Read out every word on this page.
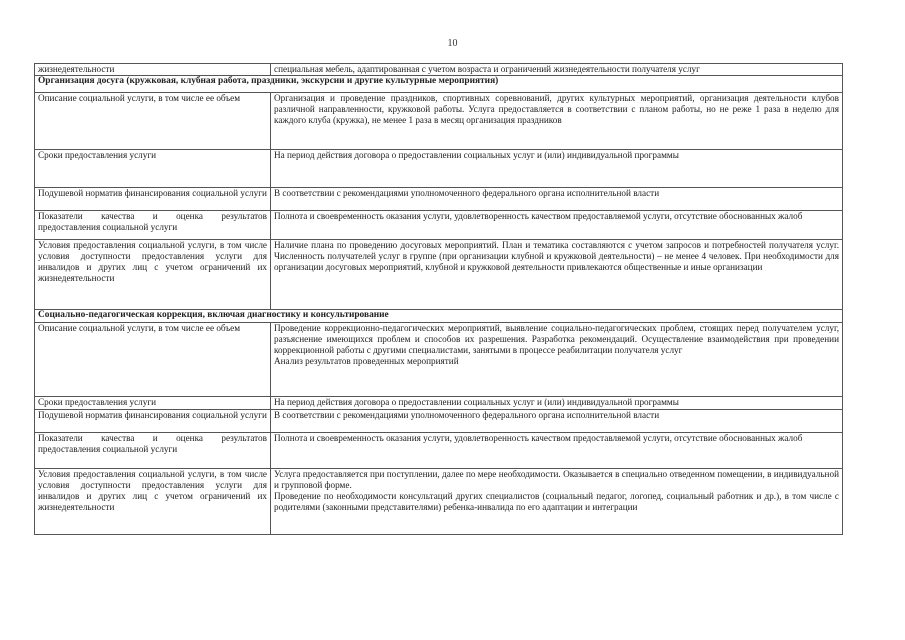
10
жизнедеятельности	специальная мебель, адаптированная с учетом возраста и ограничений жизнедеятельности получателя услуг

Организация досуга (кружковая, клубная работа, праздники, экскурсии и другие культурные мероприятия)	
Описание социальной услуги, в том числе ее объем	Организация и проведение праздников, спортивных соревнований, других культурных мероприятий, организация деятельности клубов различной направленности, кружковой работы. Услуга предоставляется в соответствии с планом работы, но не реже 1 раза в неделю для каждого клуба (кружка), не менее 1 раза в месяц организация праздников

Сроки предоставления услуги	На период действия договора о предоставлении социальных услуг и (или) индивидуальной программы

Подушевой норматив финансирования социальной услуги	В соответствии с рекомендациями уполномоченного федерального органа исполнительной власти

Показатели качества и оценка результатов предоставления социальной услуги	Полнота и своевременность оказания услуги, удовлетворенность качеством предоставляемой услуги, отсутствие обоснованных жалоб

Условия предоставления социальной услуги, в том числе условия доступности предоставления услуги для инвалидов и других лиц с учетом ограничений их жизнедеятельности	Наличие плана по проведению досуговых мероприятий. План и тематика составляются с учетом запросов и потребностей получателя услуг. Численность получателей услуг в группе (при организации клубной и кружковой деятельности) – не менее 4 человек. При необходимости для организации досуговых мероприятий, клубной и кружковой деятельности привлекаются общественные и иные организации

Социально-педагогическая коррекция, включая диагностику и консультирование	
Описание социальной услуги, в том числе ее объем	Проведение коррекционно-педагогических мероприятий, выявление социально-педагогических проблем, стоящих перед получателем услуг, разъяснение имеющихся проблем и способов их разрешения. Разработка рекомендаций. Осуществление взаимодействия при проведении коррекционной работы с другими специалистами, занятыми в процессе реабилитации получателя услуг
Анализ результатов проведенных мероприятий

Сроки предоставления услуги	На период действия договора о предоставлении социальных услуг и (или) индивидуальной программы

Подушевой норматив финансирования социальной услуги	В соответствии с рекомендациями уполномоченного федерального органа исполнительной власти

Показатели качества и оценка результатов предоставления социальной услуги	Полнота и своевременность оказания услуги, удовлетворенность качеством предоставляемой услуги, отсутствие обоснованных жалоб

Условия предоставления социальной услуги, в том числе условия доступности предоставления услуги для инвалидов и других лиц с учетом ограничений их жизнедеятельности	Услуга предоставляется при поступлении, далее по мере необходимости. Оказывается в специально отведенном помещении, в индивидуальной и групповой форме.
Проведение по необходимости консультаций других специалистов (социальный педагог, логопед, социальный работник и др.), в том числе с родителями (законными представителями) ребенка-инвалида по его адаптации и интеграции
